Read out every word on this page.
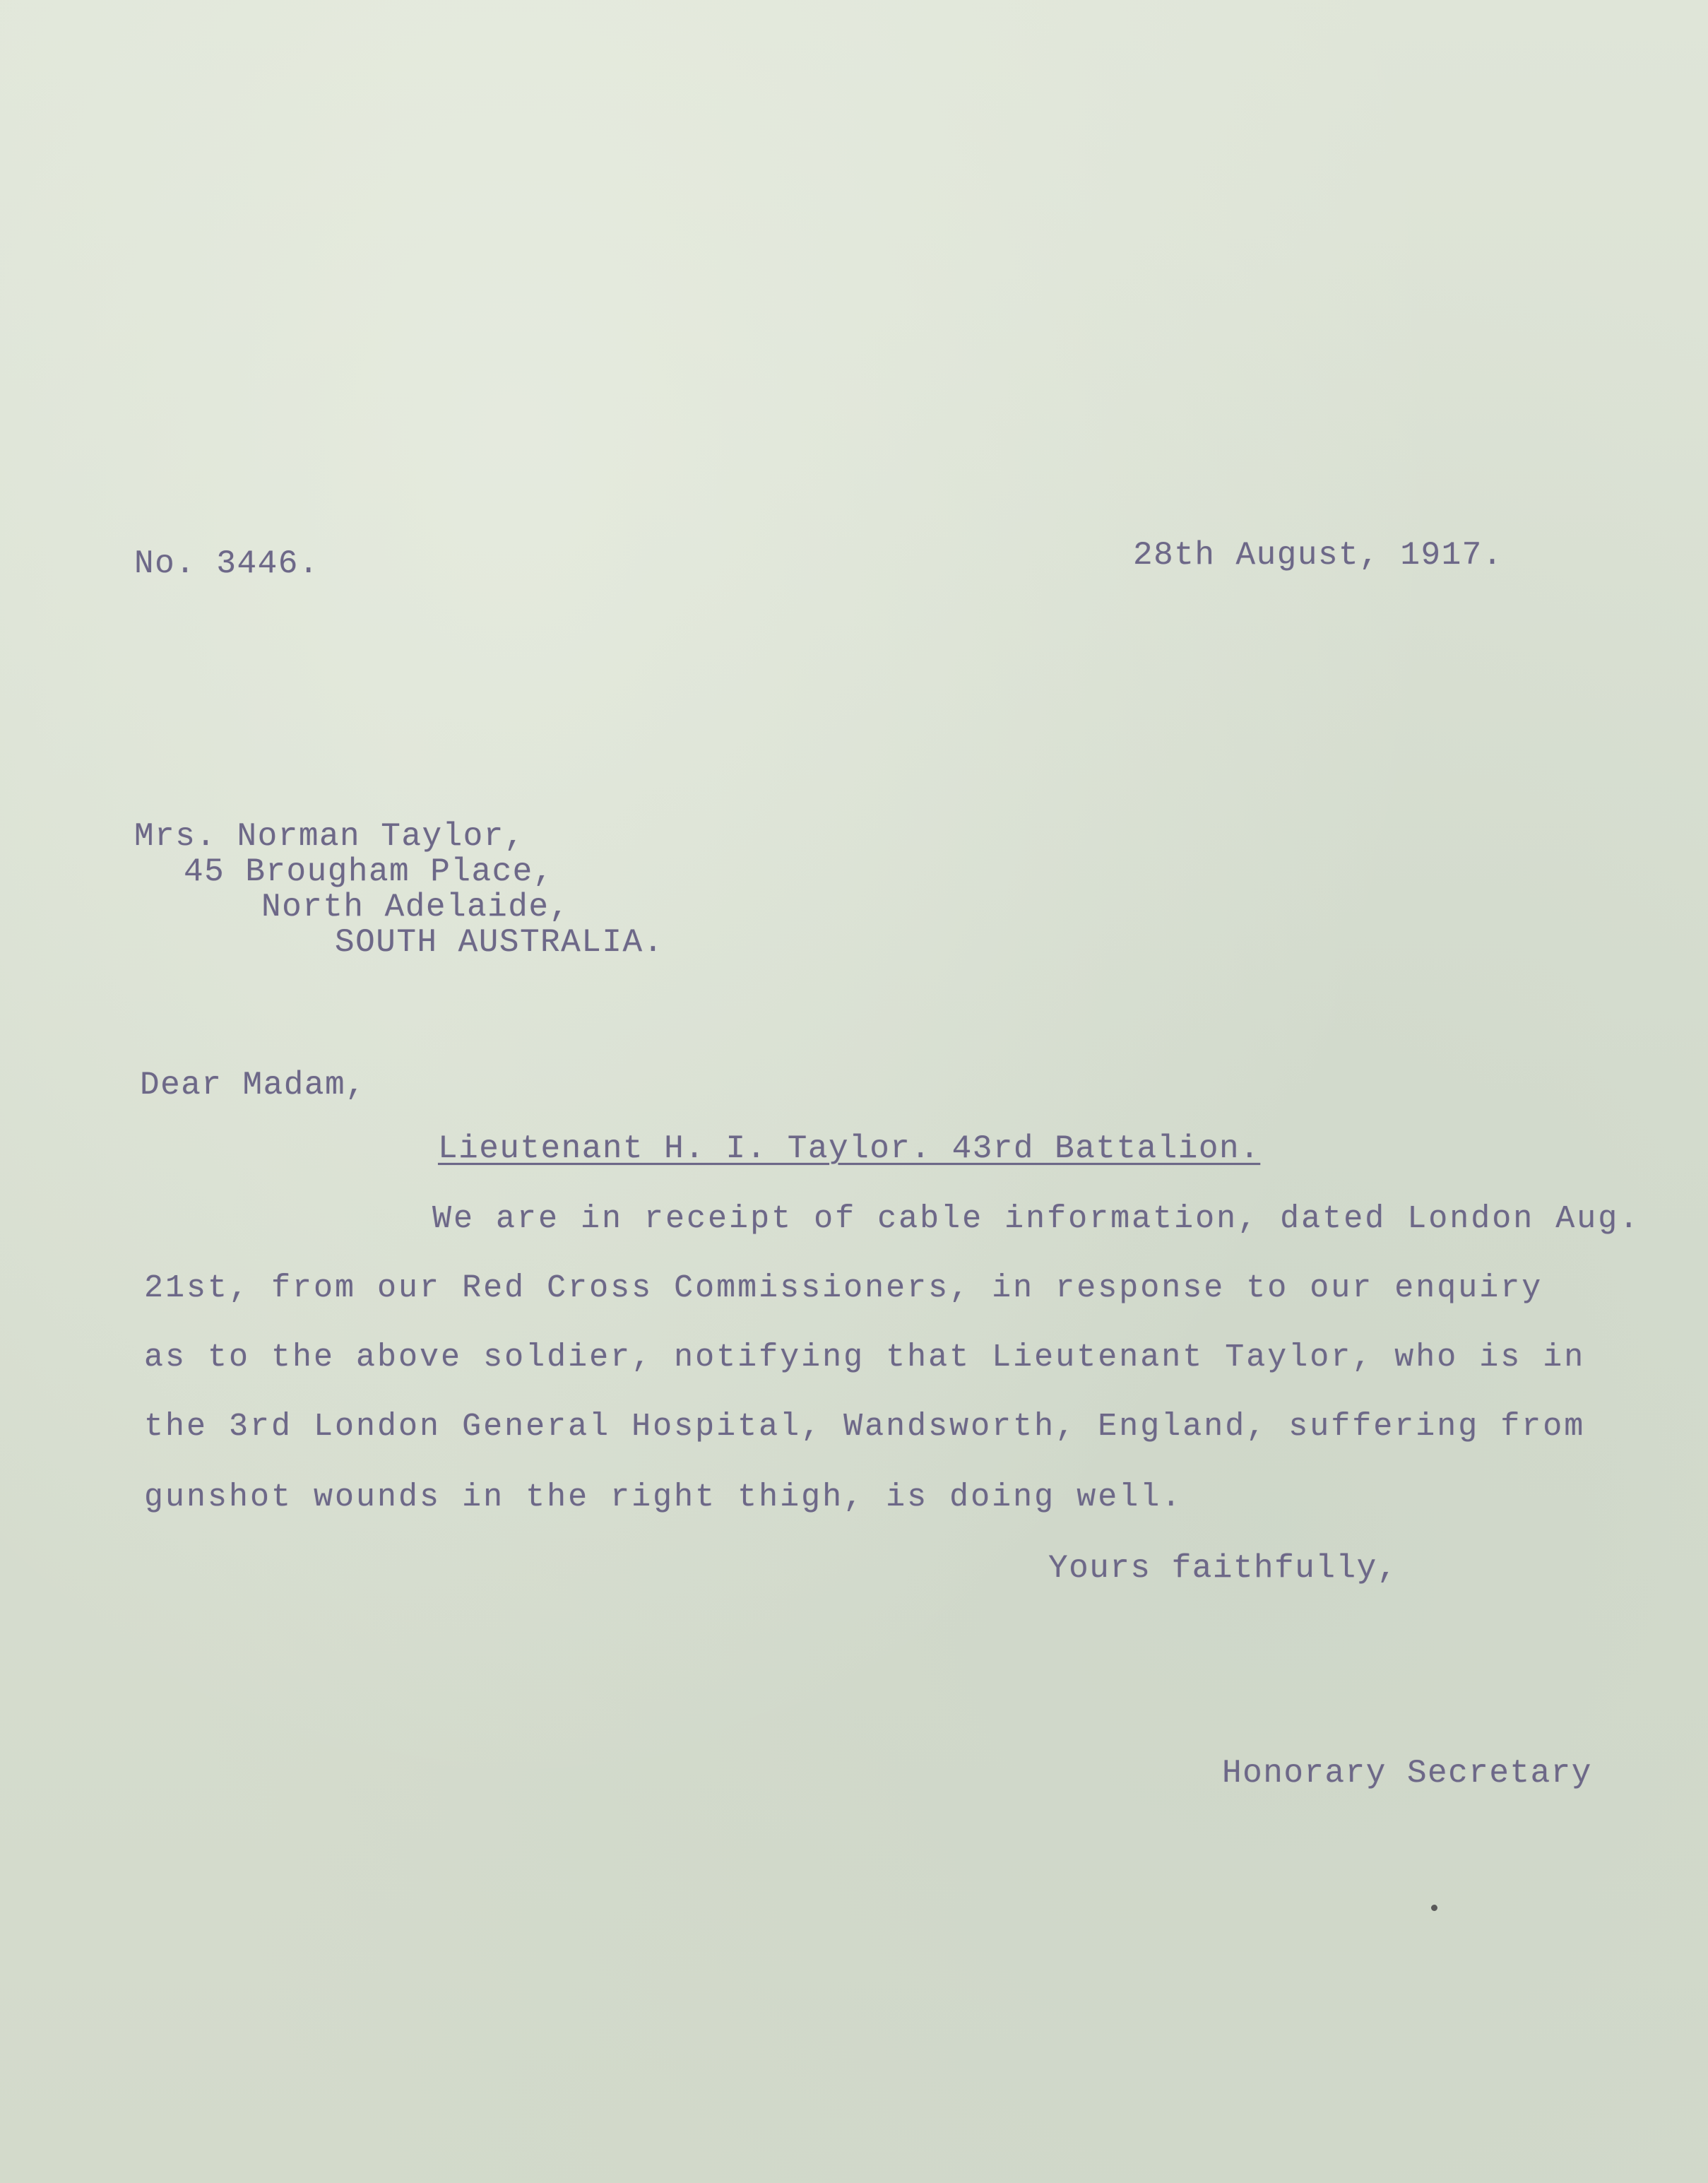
No. 3446.	28th August, 1917.
Mrs. Norman Taylor,
45 Brougham Place,
North Adelaide,
SOUTH AUSTRALIA.
Dear Madam,
Lieutenant H. I. Taylor. 43rd Battalion.
We are in receipt of cable information, dated London Aug.
21st, from our Red Cross Commissioners, in response to our enquiry
as to the above soldier, notifying that Lieutenant Taylor, who is in
the 3rd London General Hospital, Wandsworth, England, suffering from
gunshot wounds in the right thigh, is doing well.
Yours faithfully,
Honorary Secretary
